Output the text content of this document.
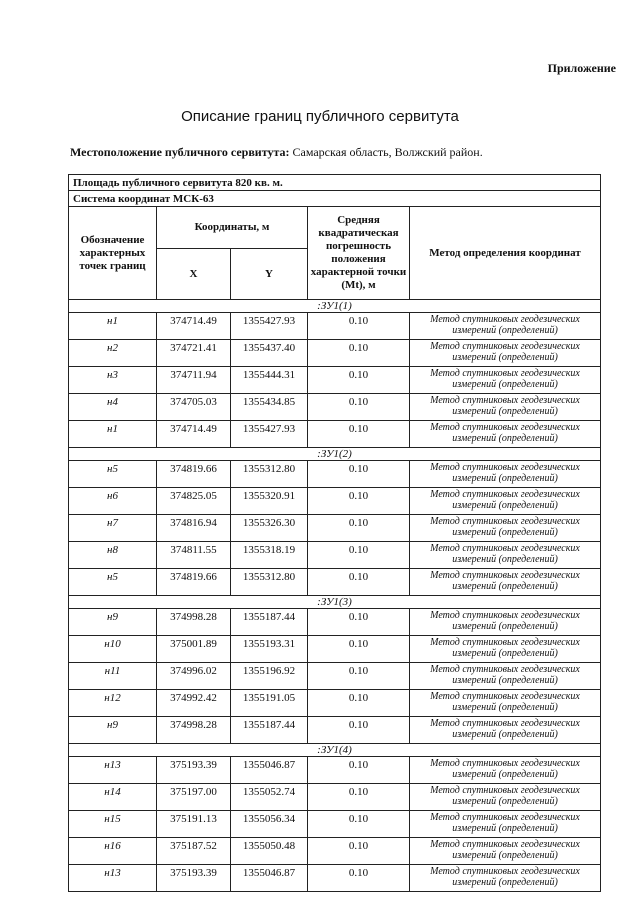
Приложение
Описание границ публичного сервитута
Местоположение публичного сервитута: Самарская область, Волжский район.
Площадь публичного сервитута 820 кв. м.				
Система координат МСК-63				
Обозначение характерных точек границ	Координаты, м		Средняя квадратическая погрешность положения характерной точки (Mt), м	Метод определения координат
	X	Y		
:ЗУ1(1)				
н1	374714.49	1355427.93	0.10	Метод спутниковых геодезических измерений (определений)
н2	374721.41	1355437.40	0.10	Метод спутниковых геодезических измерений (определений)
н3	374711.94	1355444.31	0.10	Метод спутниковых геодезических измерений (определений)
н4	374705.03	1355434.85	0.10	Метод спутниковых геодезических измерений (определений)
н1	374714.49	1355427.93	0.10	Метод спутниковых геодезических измерений (определений)
:ЗУ1(2)				
н5	374819.66	1355312.80	0.10	Метод спутниковых геодезических измерений (определений)
н6	374825.05	1355320.91	0.10	Метод спутниковых геодезических измерений (определений)
н7	374816.94	1355326.30	0.10	Метод спутниковых геодезических измерений (определений)
н8	374811.55	1355318.19	0.10	Метод спутниковых геодезических измерений (определений)
н5	374819.66	1355312.80	0.10	Метод спутниковых геодезических измерений (определений)
:ЗУ1(3)				
н9	374998.28	1355187.44	0.10	Метод спутниковых геодезических измерений (определений)
н10	375001.89	1355193.31	0.10	Метод спутниковых геодезических измерений (определений)
н11	374996.02	1355196.92	0.10	Метод спутниковых геодезических измерений (определений)
н12	374992.42	1355191.05	0.10	Метод спутниковых геодезических измерений (определений)
н9	374998.28	1355187.44	0.10	Метод спутниковых геодезических измерений (определений)
:ЗУ1(4)				
н13	375193.39	1355046.87	0.10	Метод спутниковых геодезических измерений (определений)
н14	375197.00	1355052.74	0.10	Метод спутниковых геодезических измерений (определений)
н15	375191.13	1355056.34	0.10	Метод спутниковых геодезических измерений (определений)
н16	375187.52	1355050.48	0.10	Метод спутниковых геодезических измерений (определений)
н13	375193.39	1355046.87	0.10	Метод спутниковых геодезических измерений (определений)
